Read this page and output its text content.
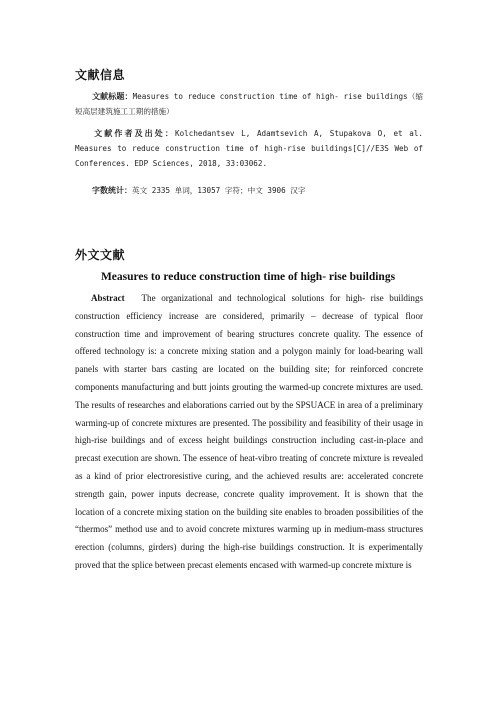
文献信息
文献标题：Measures to reduce construction time of high- rise buildings（缩短高层建筑施工工期的措施）
文献作者及出处：Kolchedantsev L, Adamtsevich A, Stupakova O, et al. Measures to reduce construction time of high-rise buildings[C]//E3S Web of Conferences. EDP Sciences, 2018, 33:03062.
字数统计：英文 2335 单词，13057 字符；中文 3906 汉字
外文文献
Measures to reduce construction time of high- rise buildings
Abstract The organizational and technological solutions for high- rise buildings construction efficiency increase are considered, primarily – decrease of typical floor construction time and improvement of bearing structures concrete quality. The essence of offered technology is: a concrete mixing station and a polygon mainly for load-bearing wall panels with starter bars casting are located on the building site; for reinforced concrete components manufacturing and butt joints grouting the warmed-up concrete mixtures are used. The results of researches and elaborations carried out by the SPSUACE in area of a preliminary warming-up of concrete mixtures are presented. The possibility and feasibility of their usage in high-rise buildings and of excess height buildings construction including cast-in-place and precast execution are shown. The essence of heat-vibro treating of concrete mixture is revealed as a kind of prior electroresistive curing, and the achieved results are: accelerated concrete strength gain, power inputs decrease, concrete quality improvement. It is shown that the location of a concrete mixing station on the building site enables to broaden possibilities of the “thermos” method use and to avoid concrete mixtures warming up in medium-mass structures erection (columns, girders) during the high-rise buildings construction. It is experimentally proved that the splice between precast elements encased with warmed-up concrete mixture is
